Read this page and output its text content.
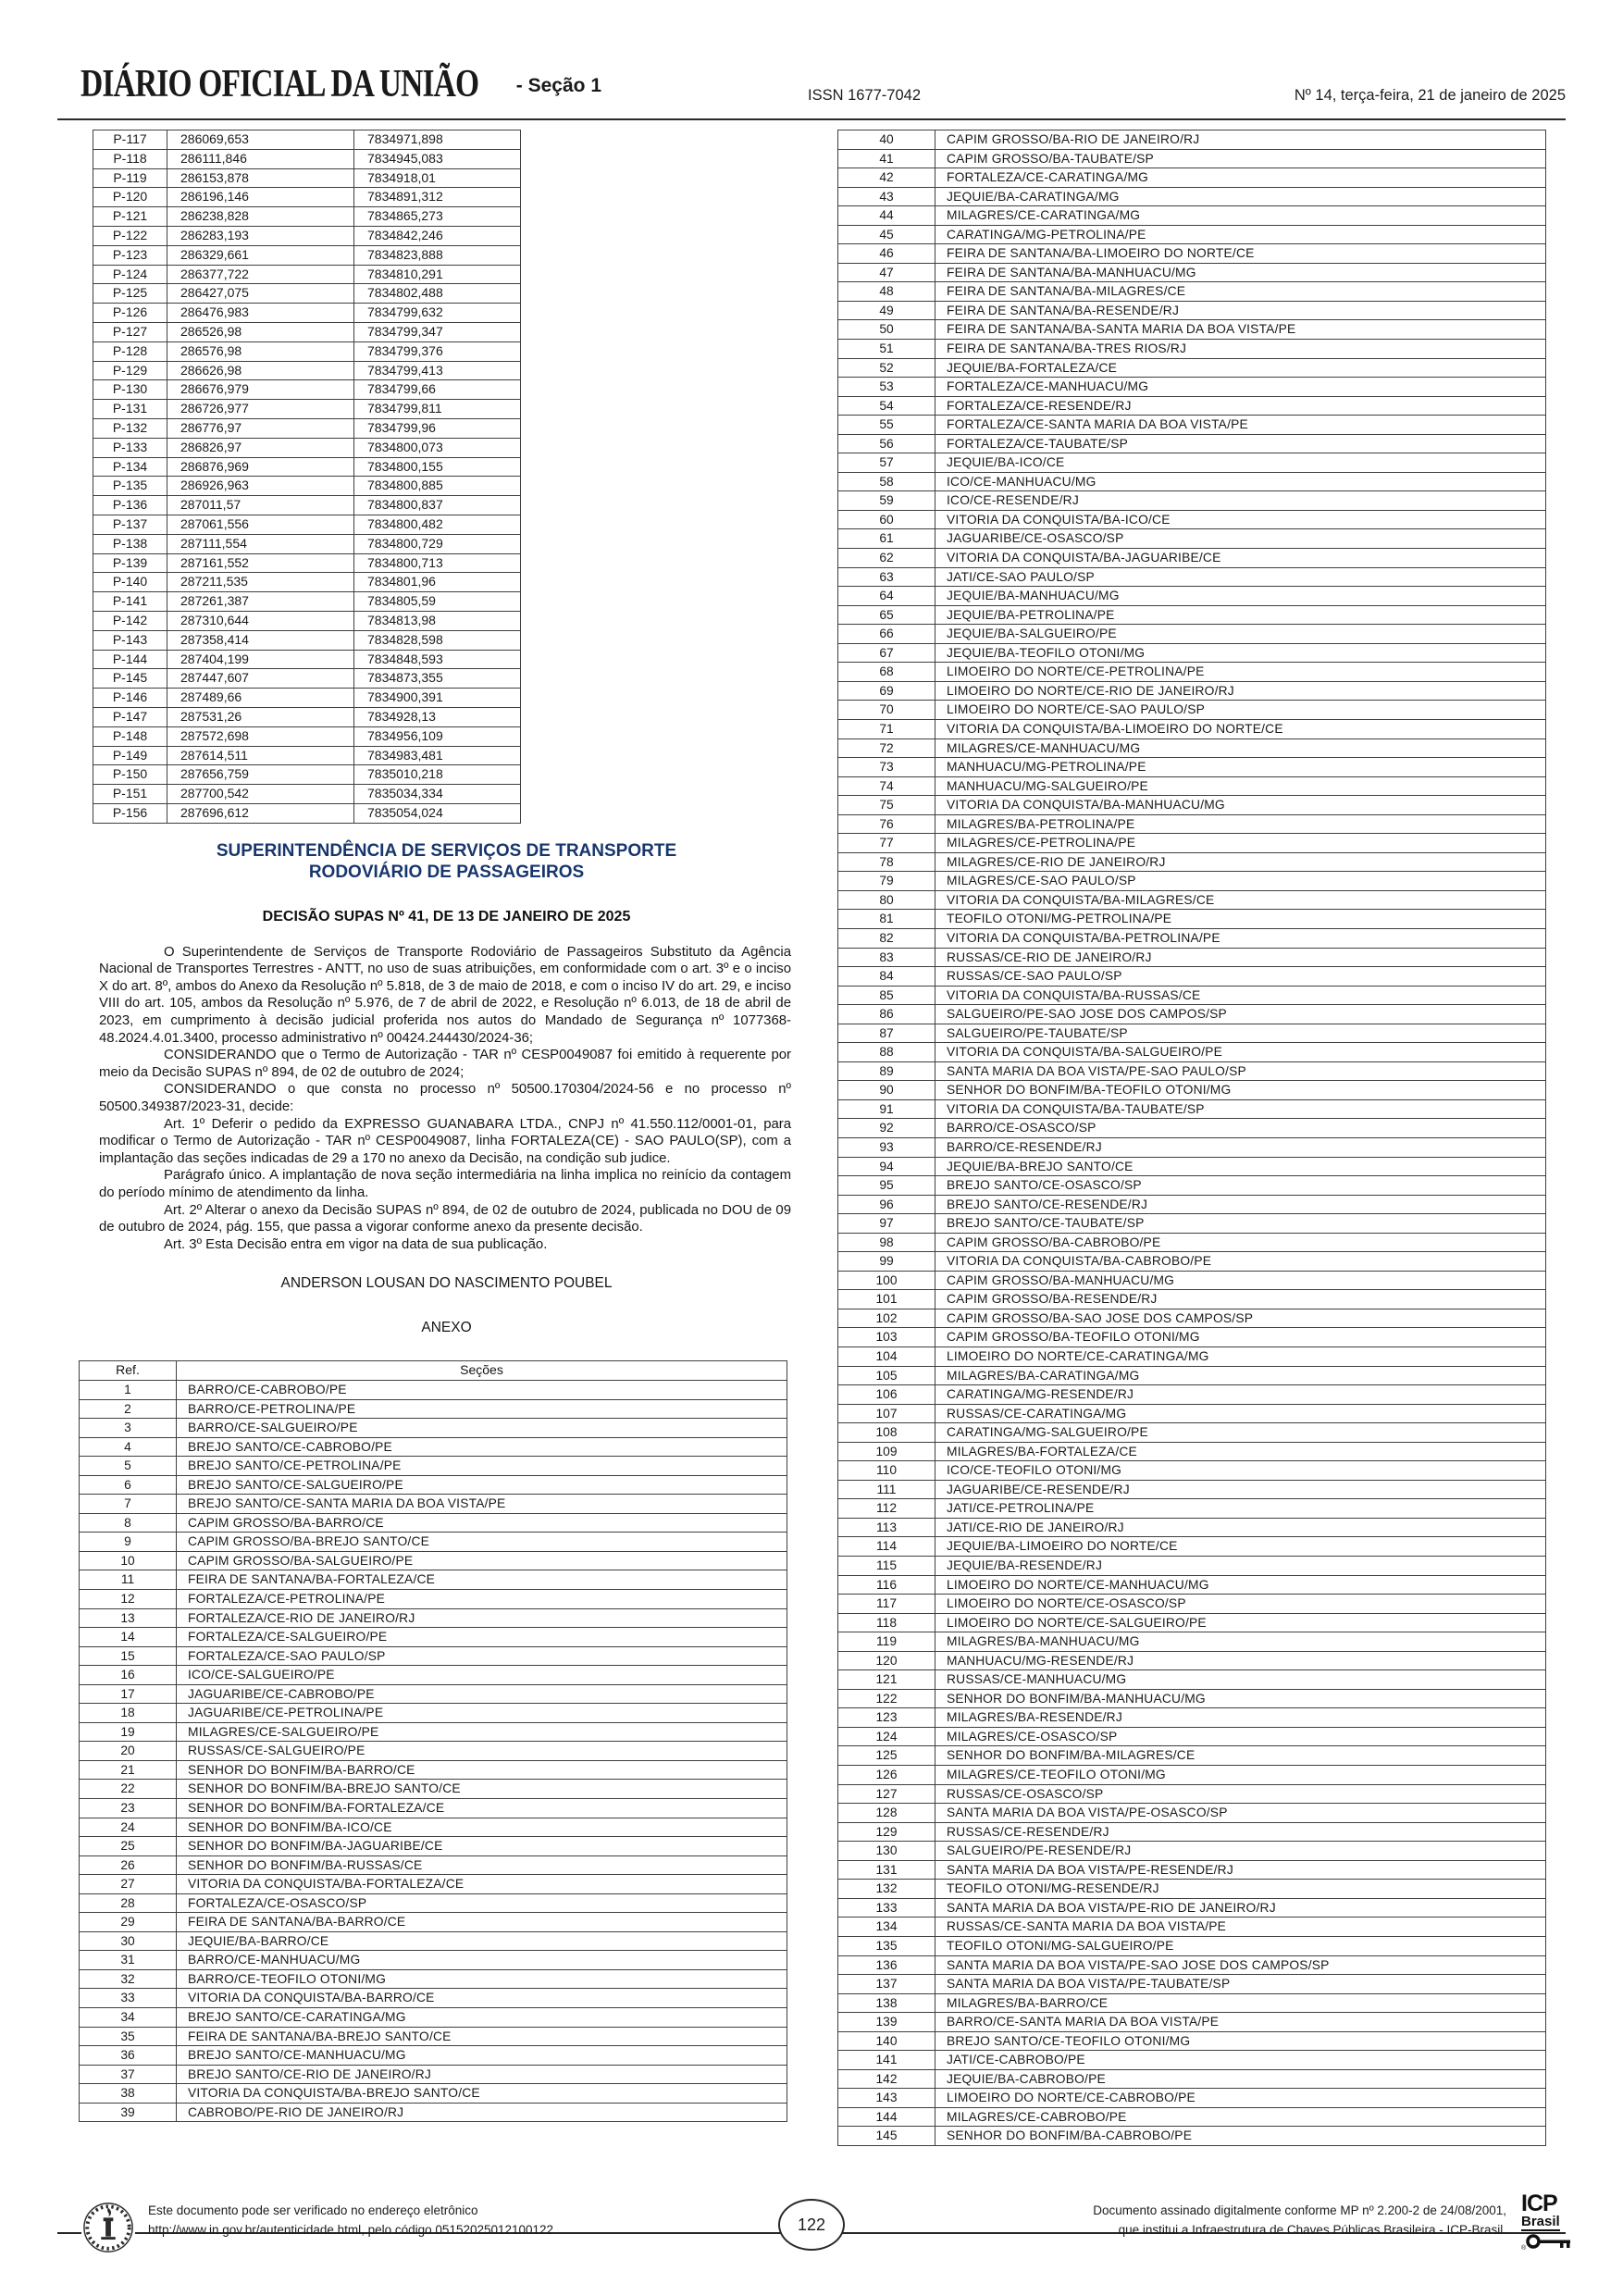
DIÁRIO OFICIAL DA UNIÃO - Seção 1	ISSN 1677-7042	Nº 14, terça-feira, 21 de janeiro de 2025
P-117	286069,653	7834971,898
P-118	286111,846	7834945,083
P-119	286153,878	7834918,01
P-120	286196,146	7834891,312
P-121	286238,828	7834865,273
P-122	286283,193	7834842,246
P-123	286329,661	7834823,888
P-124	286377,722	7834810,291
P-125	286427,075	7834802,488
P-126	286476,983	7834799,632
P-127	286526,98	7834799,347
P-128	286576,98	7834799,376
P-129	286626,98	7834799,413
P-130	286676,979	7834799,66
P-131	286726,977	7834799,811
P-132	286776,97	7834799,96
P-133	286826,97	7834800,073
P-134	286876,969	7834800,155
P-135	286926,963	7834800,885
P-136	287011,57	7834800,837
P-137	287061,556	7834800,482
P-138	287111,554	7834800,729
P-139	287161,552	7834800,713
P-140	287211,535	7834801,96
P-141	287261,387	7834805,59
P-142	287310,644	7834813,98
P-143	287358,414	7834828,598
P-144	287404,199	7834848,593
P-145	287447,607	7834873,355
P-146	287489,66	7834900,391
P-147	287531,26	7834928,13
P-148	287572,698	7834956,109
P-149	287614,511	7834983,481
P-150	287656,759	7835010,218
P-151	287700,542	7835034,334
P-156	287696,612	7835054,024
SUPERINTENDÊNCIA DE SERVIÇOS DE TRANSPORTE RODOVIÁRIO DE PASSAGEIROS
DECISÃO SUPAS Nº 41, DE 13 DE JANEIRO DE 2025

O Superintendente de Serviços de Transporte Rodoviário de Passageiros Substituto da Agência Nacional de Transportes Terrestres - ANTT, no uso de suas atribuições, em conformidade com o art. 3º e o inciso X do art. 8º, ambos do Anexo da Resolução nº 5.818, de 3 de maio de 2018, e com o inciso IV do art. 29, e inciso VIII do art. 105, ambos da Resolução nº 5.976, de 7 de abril de 2022, e Resolução nº 6.013, de 18 de abril de 2023, em cumprimento à decisão judicial proferida nos autos do Mandado de Segurança nº 1077368-48.2024.4.01.3400, processo administrativo nº 00424.244430/2024-36;

CONSIDERANDO que o Termo de Autorização - TAR nº CESP0049087 foi emitido à requerente por meio da Decisão SUPAS nº 894, de 02 de outubro de 2024;

CONSIDERANDO o que consta no processo nº 50500.170304/2024-56 e no processo nº 50500.349387/2023-31, decide:

Art. 1º Deferir o pedido da EXPRESSO GUANABARA LTDA., CNPJ nº 41.550.112/0001-01, para modificar o Termo de Autorização - TAR nº CESP0049087, linha FORTALEZA(CE) - SAO PAULO(SP), com a implantação das seções indicadas de 29 a 170 no anexo da Decisão, na condição sub judice.

Parágrafo único. A implantação de nova seção intermediária na linha implica no reinício da contagem do período mínimo de atendimento da linha.

Art. 2º Alterar o anexo da Decisão SUPAS nº 894, de 02 de outubro de 2024, publicada no DOU de 09 de outubro de 2024, pág. 155, que passa a vigorar conforme anexo da presente decisão.

Art. 3º Esta Decisão entra em vigor na data de sua publicação.

ANDERSON LOUSAN DO NASCIMENTO POUBEL

ANEXO

Ref.	Seções
1	BARRO/CE-CABROBO/PE
2	BARRO/CE-PETROLINA/PE
3	BARRO/CE-SALGUEIRO/PE
4	BREJO SANTO/CE-CABROBO/PE
5	BREJO SANTO/CE-PETROLINA/PE
6	BREJO SANTO/CE-SALGUEIRO/PE
7	BREJO SANTO/CE-SANTA MARIA DA BOA VISTA/PE
8	CAPIM GROSSO/BA-BARRO/CE
9	CAPIM GROSSO/BA-BREJO SANTO/CE
10	CAPIM GROSSO/BA-SALGUEIRO/PE
11	FEIRA DE SANTANA/BA-FORTALEZA/CE
12	FORTALEZA/CE-PETROLINA/PE
13	FORTALEZA/CE-RIO DE JANEIRO/RJ
14	FORTALEZA/CE-SALGUEIRO/PE
15	FORTALEZA/CE-SAO PAULO/SP
16	ICO/CE-SALGUEIRO/PE
17	JAGUARIBE/CE-CABROBO/PE
18	JAGUARIBE/CE-PETROLINA/PE
19	MILAGRES/CE-SALGUEIRO/PE
20	RUSSAS/CE-SALGUEIRO/PE
21	SENHOR DO BONFIM/BA-BARRO/CE
22	SENHOR DO BONFIM/BA-BREJO SANTO/CE
23	SENHOR DO BONFIM/BA-FORTALEZA/CE
24	SENHOR DO BONFIM/BA-ICO/CE
25	SENHOR DO BONFIM/BA-JAGUARIBE/CE
26	SENHOR DO BONFIM/BA-RUSSAS/CE
27	VITORIA DA CONQUISTA/BA-FORTALEZA/CE
28	FORTALEZA/CE-OSASCO/SP
29	FEIRA DE SANTANA/BA-BARRO/CE
30	JEQUIE/BA-BARRO/CE
31	BARRO/CE-MANHUACU/MG
32	BARRO/CE-TEOFILO OTONI/MG
33	VITORIA DA CONQUISTA/BA-BARRO/CE
34	BREJO SANTO/CE-CARATINGA/MG
35	FEIRA DE SANTANA/BA-BREJO SANTO/CE
36	BREJO SANTO/CE-MANHUACU/MG
37	BREJO SANTO/CE-RIO DE JANEIRO/RJ
38	VITORIA DA CONQUISTA/BA-BREJO SANTO/CE
39	CABROBO/PE-RIO DE JANEIRO/RJ
40	CAPIM GROSSO/BA-RIO DE JANEIRO/RJ
41	CAPIM GROSSO/BA-TAUBATE/SP
42	FORTALEZA/CE-CARATINGA/MG
43	JEQUIE/BA-CARATINGA/MG
44	MILAGRES/CE-CARATINGA/MG
45	CARATINGA/MG-PETROLINA/PE
46	FEIRA DE SANTANA/BA-LIMOEIRO DO NORTE/CE
47	FEIRA DE SANTANA/BA-MANHUACU/MG
48	FEIRA DE SANTANA/BA-MILAGRES/CE
49	FEIRA DE SANTANA/BA-RESENDE/RJ
50	FEIRA DE SANTANA/BA-SANTA MARIA DA BOA VISTA/PE
51	FEIRA DE SANTANA/BA-TRES RIOS/RJ
52	JEQUIE/BA-FORTALEZA/CE
53	FORTALEZA/CE-MANHUACU/MG
54	FORTALEZA/CE-RESENDE/RJ
55	FORTALEZA/CE-SANTA MARIA DA BOA VISTA/PE
56	FORTALEZA/CE-TAUBATE/SP
57	JEQUIE/BA-ICO/CE
58	ICO/CE-MANHUACU/MG
59	ICO/CE-RESENDE/RJ
60	VITORIA DA CONQUISTA/BA-ICO/CE
61	JAGUARIBE/CE-OSASCO/SP
62	VITORIA DA CONQUISTA/BA-JAGUARIBE/CE
63	JATI/CE-SAO PAULO/SP
64	JEQUIE/BA-MANHUACU/MG
65	JEQUIE/BA-PETROLINA/PE
66	JEQUIE/BA-SALGUEIRO/PE
67	JEQUIE/BA-TEOFILO OTONI/MG
68	LIMOEIRO DO NORTE/CE-PETROLINA/PE
69	LIMOEIRO DO NORTE/CE-RIO DE JANEIRO/RJ
70	LIMOEIRO DO NORTE/CE-SAO PAULO/SP
71	VITORIA DA CONQUISTA/BA-LIMOEIRO DO NORTE/CE
72	MILAGRES/CE-MANHUACU/MG
73	MANHUACU/MG-PETROLINA/PE
74	MANHUACU/MG-SALGUEIRO/PE
75	VITORIA DA CONQUISTA/BA-MANHUACU/MG
76	MILAGRES/BA-PETROLINA/PE
77	MILAGRES/CE-PETROLINA/PE
78	MILAGRES/CE-RIO DE JANEIRO/RJ
79	MILAGRES/CE-SAO PAULO/SP
80	VITORIA DA CONQUISTA/BA-MILAGRES/CE
81	TEOFILO OTONI/MG-PETROLINA/PE
82	VITORIA DA CONQUISTA/BA-PETROLINA/PE
83	RUSSAS/CE-RIO DE JANEIRO/RJ
84	RUSSAS/CE-SAO PAULO/SP
85	VITORIA DA CONQUISTA/BA-RUSSAS/CE
86	SALGUEIRO/PE-SAO JOSE DOS CAMPOS/SP
87	SALGUEIRO/PE-TAUBATE/SP
88	VITORIA DA CONQUISTA/BA-SALGUEIRO/PE
89	SANTA MARIA DA BOA VISTA/PE-SAO PAULO/SP
90	SENHOR DO BONFIM/BA-TEOFILO OTONI/MG
91	VITORIA DA CONQUISTA/BA-TAUBATE/SP
92	BARRO/CE-OSASCO/SP
93	BARRO/CE-RESENDE/RJ
94	JEQUIE/BA-BREJO SANTO/CE
95	BREJO SANTO/CE-OSASCO/SP
96	BREJO SANTO/CE-RESENDE/RJ
97	BREJO SANTO/CE-TAUBATE/SP
98	CAPIM GROSSO/BA-CABROBO/PE
99	VITORIA DA CONQUISTA/BA-CABROBO/PE
100	CAPIM GROSSO/BA-MANHUACU/MG
101	CAPIM GROSSO/BA-RESENDE/RJ
102	CAPIM GROSSO/BA-SAO JOSE DOS CAMPOS/SP
103	CAPIM GROSSO/BA-TEOFILO OTONI/MG
104	LIMOEIRO DO NORTE/CE-CARATINGA/MG
105	MILAGRES/BA-CARATINGA/MG
106	CARATINGA/MG-RESENDE/RJ
107	RUSSAS/CE-CARATINGA/MG
108	CARATINGA/MG-SALGUEIRO/PE
109	MILAGRES/BA-FORTALEZA/CE
110	ICO/CE-TEOFILO OTONI/MG
111	JAGUARIBE/CE-RESENDE/RJ
112	JATI/CE-PETROLINA/PE
113	JATI/CE-RIO DE JANEIRO/RJ
114	JEQUIE/BA-LIMOEIRO DO NORTE/CE
115	JEQUIE/BA-RESENDE/RJ
116	LIMOEIRO DO NORTE/CE-MANHUACU/MG
117	LIMOEIRO DO NORTE/CE-OSASCO/SP
118	LIMOEIRO DO NORTE/CE-SALGUEIRO/PE
119	MILAGRES/BA-MANHUACU/MG
120	MANHUACU/MG-RESENDE/RJ
121	RUSSAS/CE-MANHUACU/MG
122	SENHOR DO BONFIM/BA-MANHUACU/MG
123	MILAGRES/BA-RESENDE/RJ
124	MILAGRES/CE-OSASCO/SP
125	SENHOR DO BONFIM/BA-MILAGRES/CE
126	MILAGRES/CE-TEOFILO OTONI/MG
127	RUSSAS/CE-OSASCO/SP
128	SANTA MARIA DA BOA VISTA/PE-OSASCO/SP
129	RUSSAS/CE-RESENDE/RJ
130	SALGUEIRO/PE-RESENDE/RJ
131	SANTA MARIA DA BOA VISTA/PE-RESENDE/RJ
132	TEOFILO OTONI/MG-RESENDE/RJ
133	SANTA MARIA DA BOA VISTA/PE-RIO DE JANEIRO/RJ
134	RUSSAS/CE-SANTA MARIA DA BOA VISTA/PE
135	TEOFILO OTONI/MG-SALGUEIRO/PE
136	SANTA MARIA DA BOA VISTA/PE-SAO JOSE DOS CAMPOS/SP
137	SANTA MARIA DA BOA VISTA/PE-TAUBATE/SP
138	MILAGRES/BA-BARRO/CE
139	BARRO/CE-SANTA MARIA DA BOA VISTA/PE
140	BREJO SANTO/CE-TEOFILO OTONI/MG
141	JATI/CE-CABROBO/PE
142	JEQUIE/BA-CABROBO/PE
143	LIMOEIRO DO NORTE/CE-CABROBO/PE
144	MILAGRES/CE-CABROBO/PE
145	SENHOR DO BONFIM/BA-CABROBO/PE
Este documento pode ser verificado no endereço eletrônico
http://www.in.gov.br/autenticidade.html, pelo código 05152025012100122	122
Documento assinado digitalmente conforme MP nº 2.200-2 de 24/08/2001,
que institui a Infraestrutura de Chaves Públicas Brasileira - ICP-Brasil.
ICP
Brasil
®
